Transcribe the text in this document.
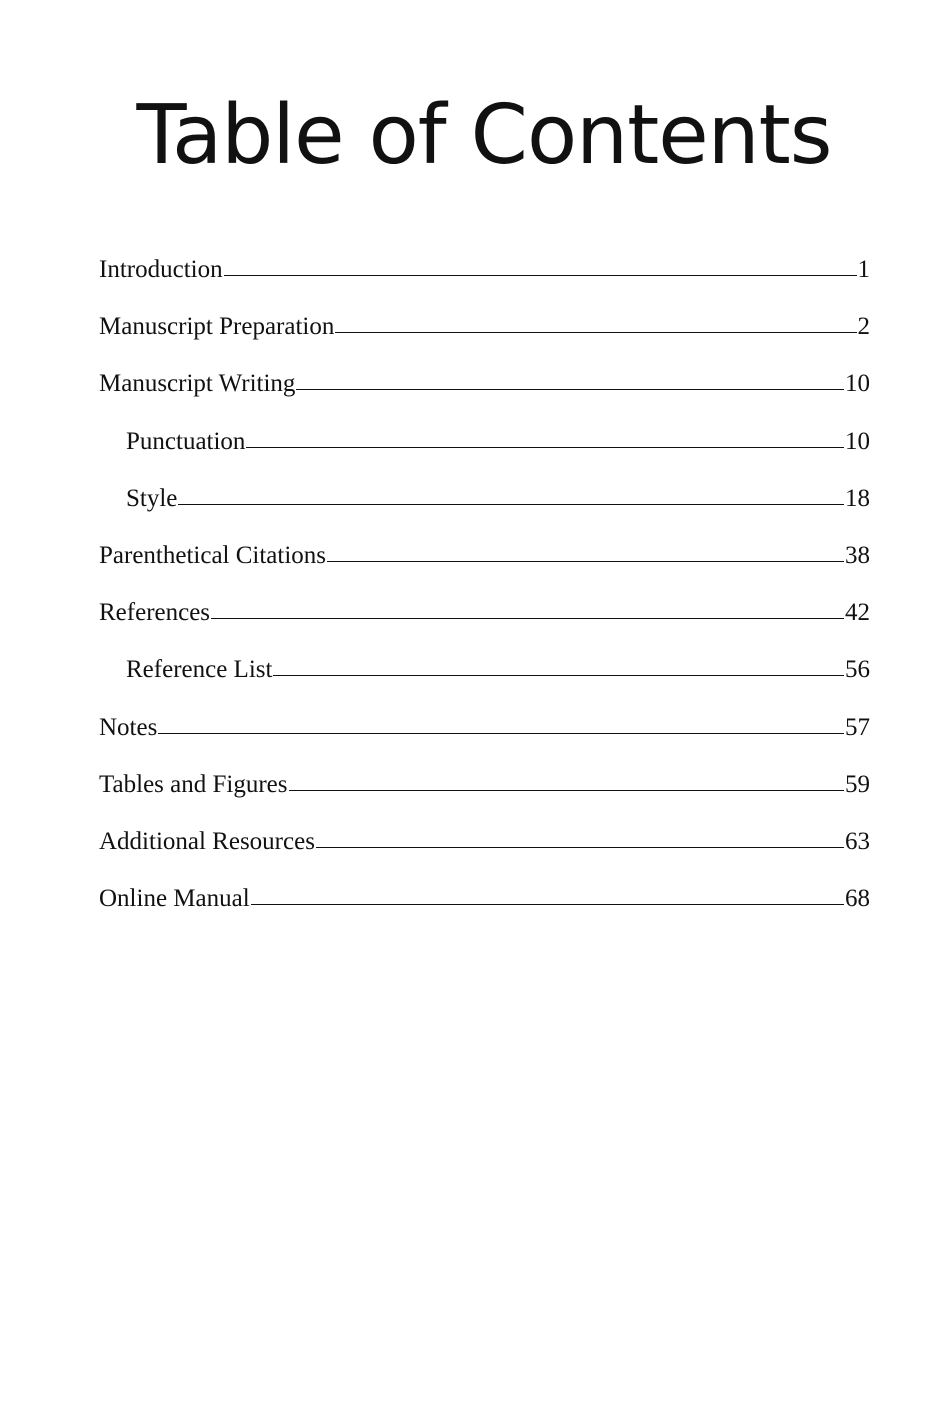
Table of Contents
Introduction	1
Manuscript Preparation	2
Manuscript Writing	10
Punctuation	10
Style	18
Parenthetical Citations	38
References	42
Reference List	56
Notes	57
Tables and Figures	59
Additional Resources	63
Online Manual	68
